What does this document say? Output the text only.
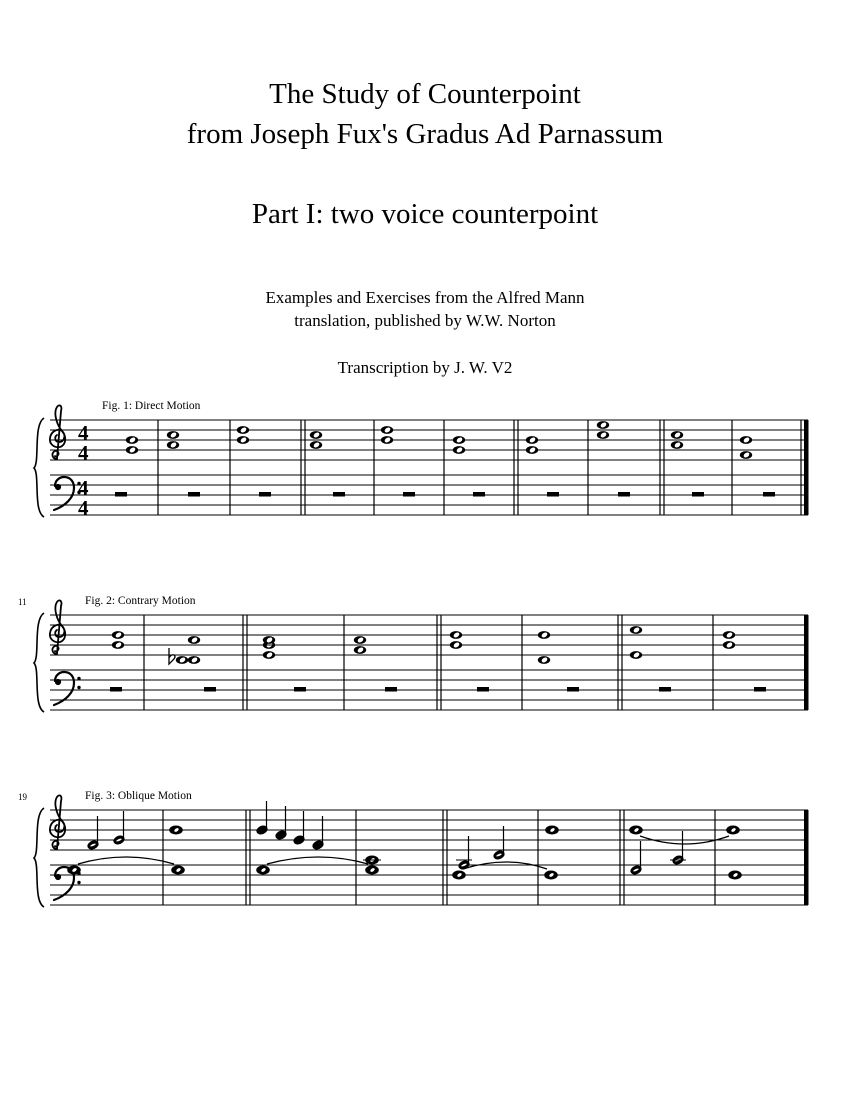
The Study of Counterpoint
from Joseph Fux's Gradus Ad Parnassum
Part I: two voice counterpoint
Examples and Exercises from the Alfred Mann
translation, published by W.W. Norton
Transcription by J. W. V2
Fig. 1: Direct Motion
Fig. 2: Contrary Motion
11
Fig. 3: Oblique Motion
19
4
4
4
4
